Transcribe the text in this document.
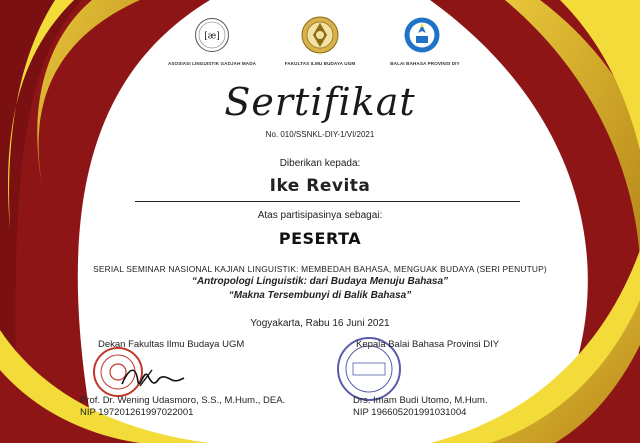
[æ]
ASOSIASI LINGUISTIK GADJAH MADA	FAKULTAS ILMU BUDAYA UGM	BALAI BAHASA PROVINSI DIY
Sertifikat
No. 010/SSNKL-DIY-1/VI/2021
Diberikan kepada:
Ike Revita
Atas partisipasinya sebagai:
PESERTA
SERIAL SEMINAR NASIONAL KAJIAN LINGUISTIK: MEMBEDAH BAHASA, MENGUAK BUDAYA (SERI PENUTUP)
“Antropologi Linguistik: dari Budaya Menuju Bahasa”
“Makna Tersembunyi di Balik Bahasa”
Yogyakarta, Rabu 16 Juni 2021
Dekan Fakultas Ilmu Budaya UGM
Prof. Dr. Wening Udasmoro, S.S., M.Hum., DEA.
NIP 197201261997022001
Kepala Balai Bahasa Provinsi DIY
Drs. Imam Budi Utomo, M.Hum.
NIP 196605201991031004
